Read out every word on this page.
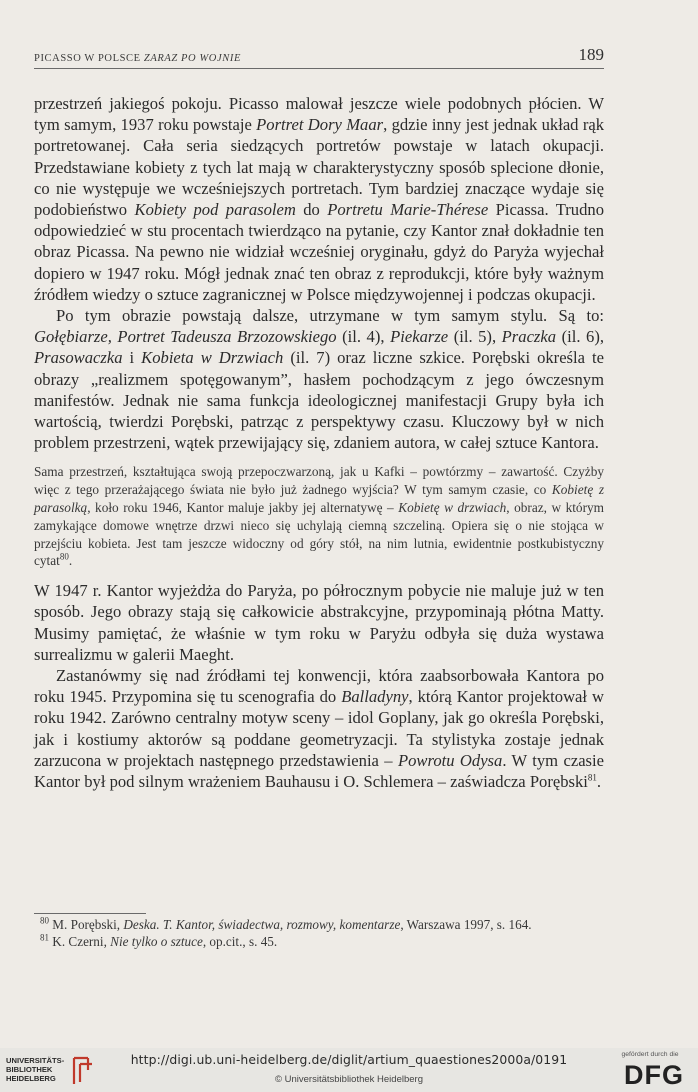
PICASSO W POLSCE ZARAZ PO WOJNIE	189

przestrzeń jakiegoś pokoju. Picasso malował jeszcze wiele podobnych płócien. W tym samym, 1937 roku powstaje Portret Dory Maar, gdzie inny jest jednak układ rąk portretowanej. Cała seria siedzących portretów powstaje w latach okupacji. Przedstawiane kobiety z tych lat mają w charakterystyczny sposób splecione dłonie, co nie występuje we wcześniejszych portretach. Tym bardziej znaczące wydaje się podobieństwo Kobiety pod parasolem do Portretu Marie-Thérese Picassa. Trudno odpowiedzieć w stu procentach twierdząco na pytanie, czy Kantor znał dokładnie ten obraz Picassa. Na pewno nie widział wcześniej oryginału, gdyż do Paryża wyjechał dopiero w 1947 roku. Mógł jednak znać ten obraz z reprodukcji, które były ważnym źródłem wiedzy o sztuce zagranicznej w Polsce międzywojennej i podczas okupacji.

Po tym obrazie powstają dalsze, utrzymane w tym samym stylu. Są to: Gołębiarze, Portret Tadeusza Brzozowskiego (il. 4), Piekarze (il. 5), Praczka (il. 6), Prasowaczka i Kobieta w Drzwiach (il. 7) oraz liczne szkice. Porębski określa te obrazy „realizmem spotęgowanym”, hasłem pochodzącym z jego ówczesnym manifestów. Jednak nie sama funkcja ideologicznej manifestacji Grupy była ich wartością, twierdzi Porębski, patrząc z perspektywy czasu. Kluczowy był w nich problem przestrzeni, wątek przewijający się, zdaniem autora, w całej sztuce Kantora.

Sama przestrzeń, kształtująca swoją przepoczwarzoną, jak u Kafki – powtórzmy – zawartość. Czyżby więc z tego przerażającego świata nie było już żadnego wyjścia? W tym samym czasie, co Kobietę z parasolką, koło roku 1946, Kantor maluje jakby jej alternatywę – Kobietę w drzwiach, obraz, w którym zamykające domowe wnętrze drzwi nieco się uchylają ciemną szczeliną. Opiera się o nie stojąca w przejściu kobieta. Jest tam jeszcze widoczny od góry stół, na nim lutnia, ewidentnie postkubistyczny cytat$^{80}$.

W 1947 r. Kantor wyjeżdża do Paryża, po półrocznym pobycie nie maluje już w ten sposób. Jego obrazy stają się całkowicie abstrakcyjne, przypominają płótna Matty. Musimy pamiętać, że właśnie w tym roku w Paryżu odbyła się duża wystawa surrealizmu w galerii Maeght.

Zastanówmy się nad źródłami tej konwencji, która zaabsorbowała Kantora po roku 1945. Przypomina się tu scenografia do Balladyny, którą Kantor projektował w roku 1942. Zarówno centralny motyw sceny – idol Goplany, jak go określa Porębski, jak i kostiumy aktorów są poddane geometryzacji. Ta stylistyka zostaje jednak zarzucona w projektach następnego przedstawienia – Powrotu Odysa. W tym czasie Kantor był pod silnym wrażeniem Bauhausu i O. Schlemera – zaświadcza Porębski$^{81}$.

$^{80}$ M. Porębski, Deska. T. Kantor, świadectwa, rozmowy, komentarze, Warszawa 1997, s. 164.

$^{81}$ K. Czerni, Nie tylko o sztuce, op.cit., s. 45.

UNIVERSITÄTS-
BIBLIOTHEK
HEIDELBERG
http://digi.ub.uni-heidelberg.de/diglit/artium_quaestiones2000a/0191
© Universitätsbibliothek Heidelberg
gefördert durch die
DFG
